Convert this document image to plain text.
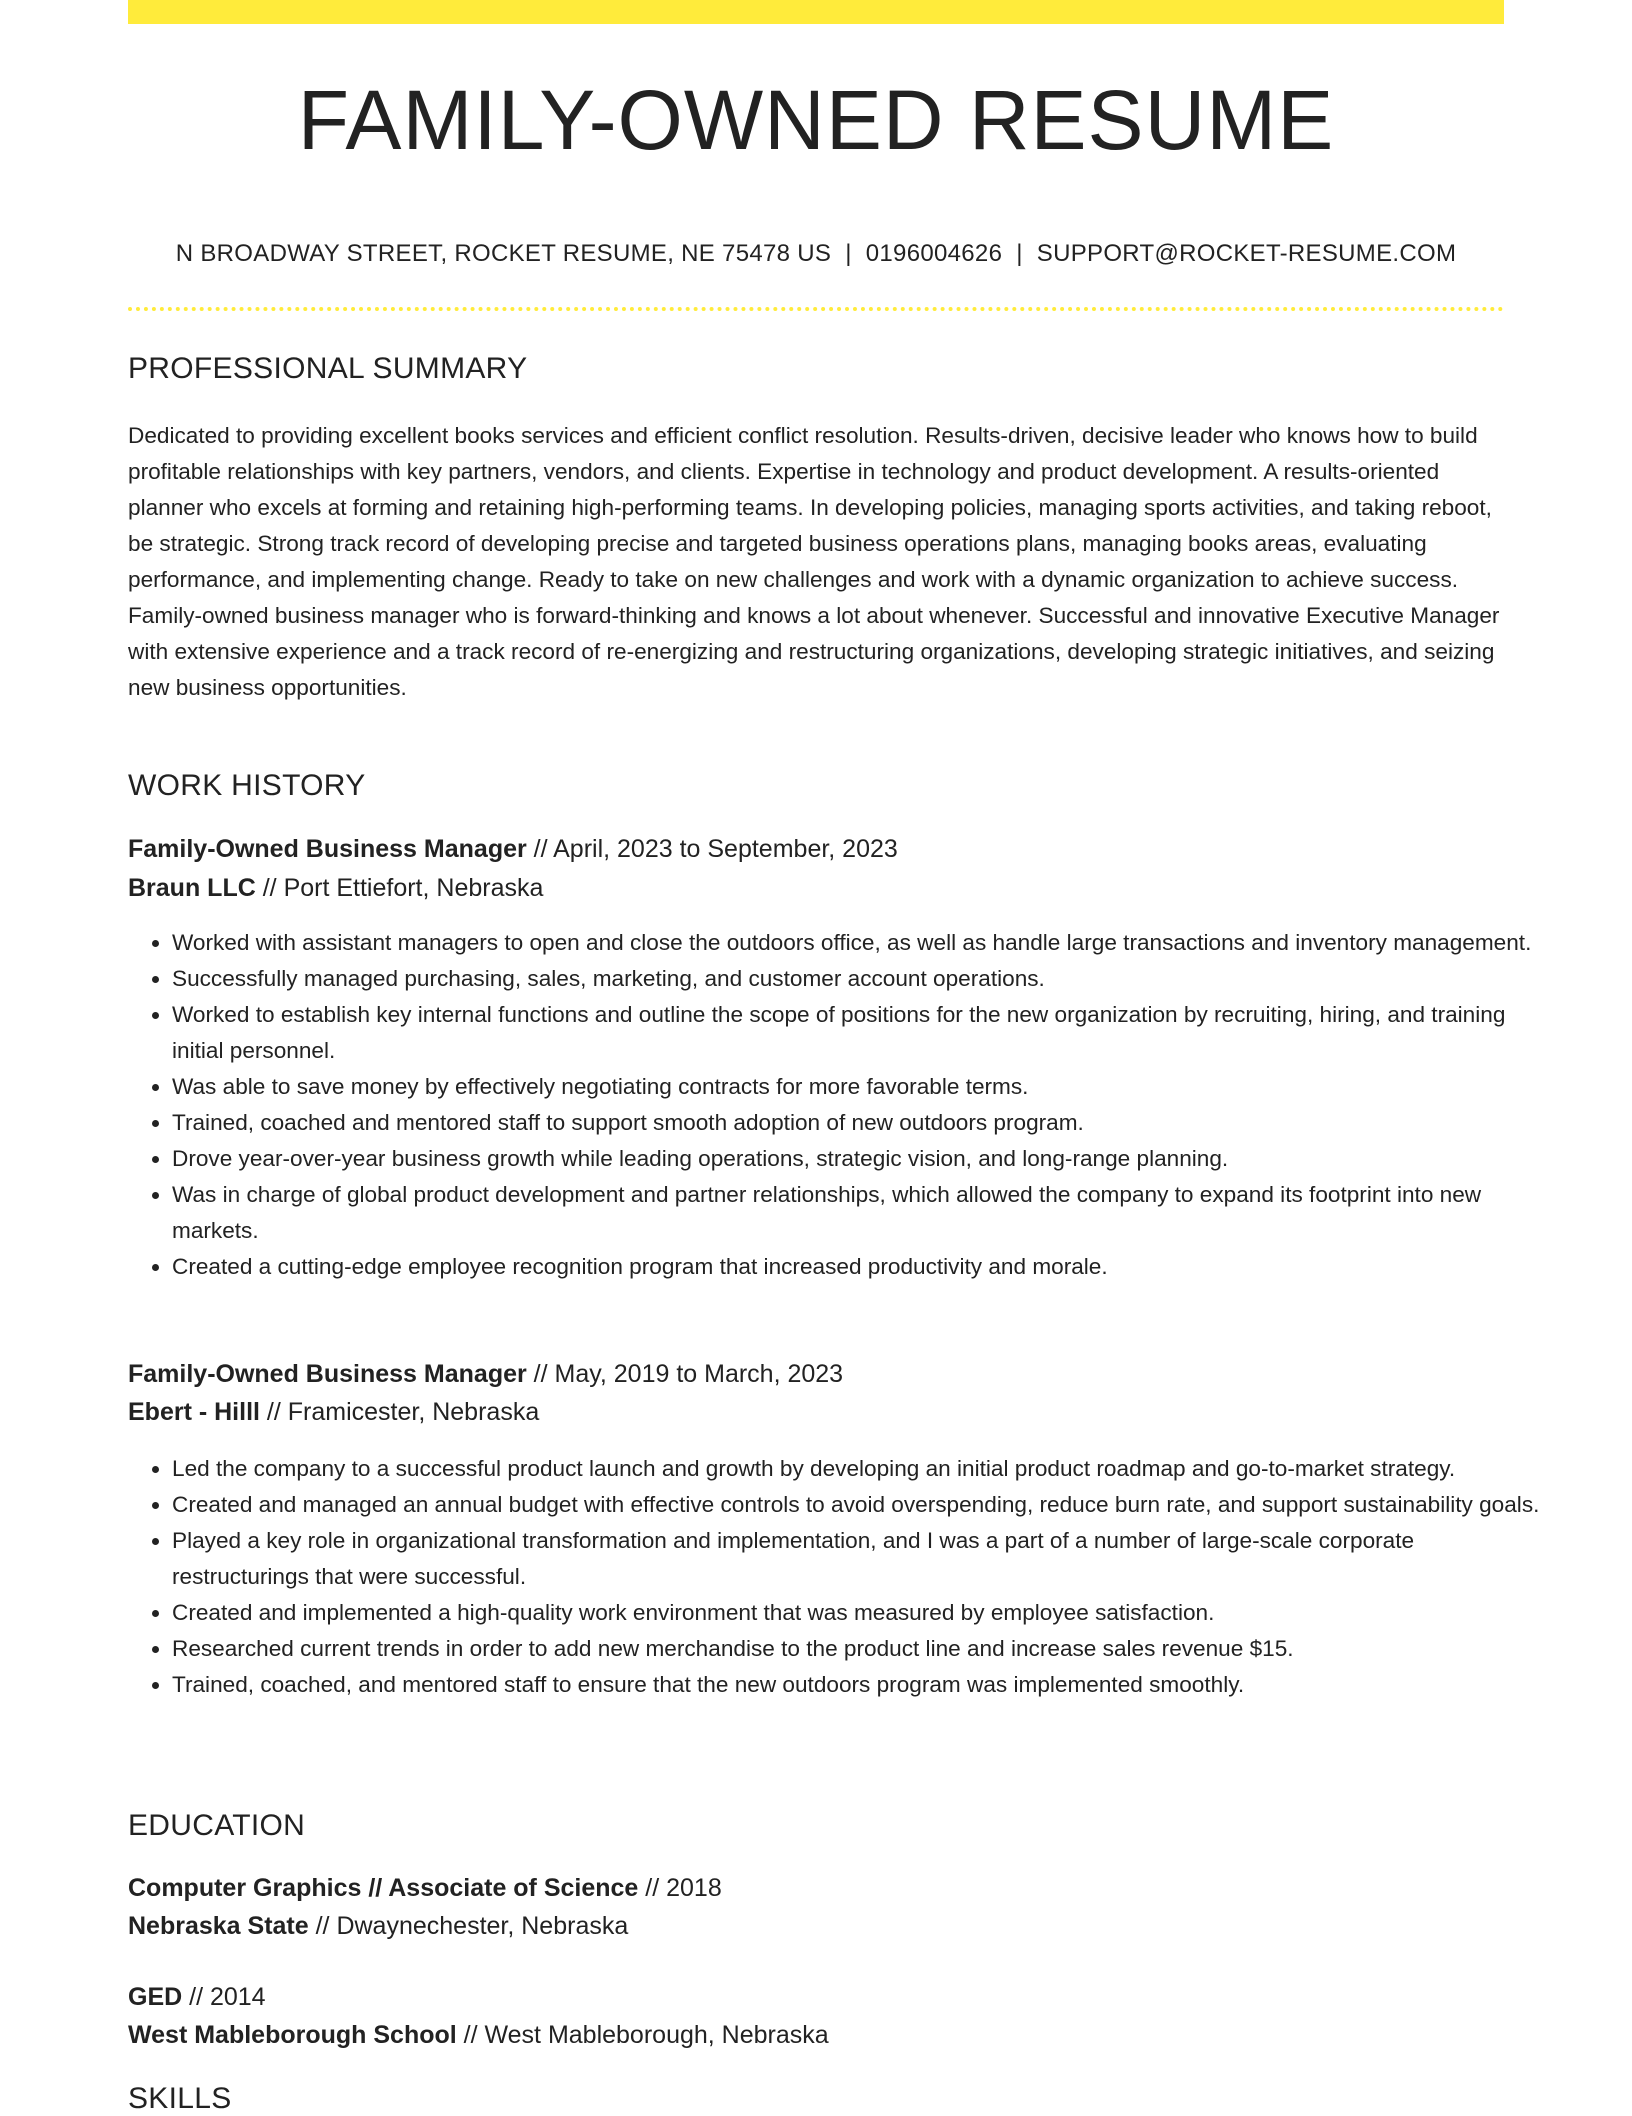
FAMILY-OWNED RESUME
N BROADWAY STREET, ROCKET RESUME, NE 75478 US | 0196004626 | SUPPORT@ROCKET-RESUME.COM
PROFESSIONAL SUMMARY

Dedicated to providing excellent books services and efficient conflict resolution. Results-driven, decisive leader who knows how to build profitable relationships with key partners, vendors, and clients. Expertise in technology and product development. A results-oriented planner who excels at forming and retaining high-performing teams. In developing policies, managing sports activities, and taking reboot, be strategic. Strong track record of developing precise and targeted business operations plans, managing books areas, evaluating performance, and implementing change. Ready to take on new challenges and work with a dynamic organization to achieve success. Family-owned business manager who is forward-thinking and knows a lot about whenever. Successful and innovative Executive Manager with extensive experience and a track record of re-energizing and restructuring organizations, developing strategic initiatives, and seizing new business opportunities.

WORK HISTORY
Family-Owned Business Manager // April, 2023 to September, 2023
Braun LLC // Port Ettiefort, Nebraska
• Worked with assistant managers to open and close the outdoors office, as well as handle large transactions and inventory management.
• Successfully managed purchasing, sales, marketing, and customer account operations.
• Worked to establish key internal functions and outline the scope of positions for the new organization by recruiting, hiring, and training initial personnel.
• Was able to save money by effectively negotiating contracts for more favorable terms.
• Trained, coached and mentored staff to support smooth adoption of new outdoors program.
• Drove year-over-year business growth while leading operations, strategic vision, and long-range planning.
• Was in charge of global product development and partner relationships, which allowed the company to expand its footprint into new markets.
• Created a cutting-edge employee recognition program that increased productivity and morale.
Family-Owned Business Manager // May, 2019 to March, 2023
Ebert - Hilll // Framicester, Nebraska
• Led the company to a successful product launch and growth by developing an initial product roadmap and go-to-market strategy.
• Created and managed an annual budget with effective controls to avoid overspending, reduce burn rate, and support sustainability goals.
• Played a key role in organizational transformation and implementation, and I was a part of a number of large-scale corporate restructurings that were successful.
• Created and implemented a high-quality work environment that was measured by employee satisfaction.
• Researched current trends in order to add new merchandise to the product line and increase sales revenue $15.
• Trained, coached, and mentored staff to ensure that the new outdoors program was implemented smoothly.
EDUCATION
Computer Graphics // Associate of Science // 2018
Nebraska State // Dwaynechester, Nebraska
GED // 2014
West Mableborough School // West Mableborough, Nebraska
SKILLS
